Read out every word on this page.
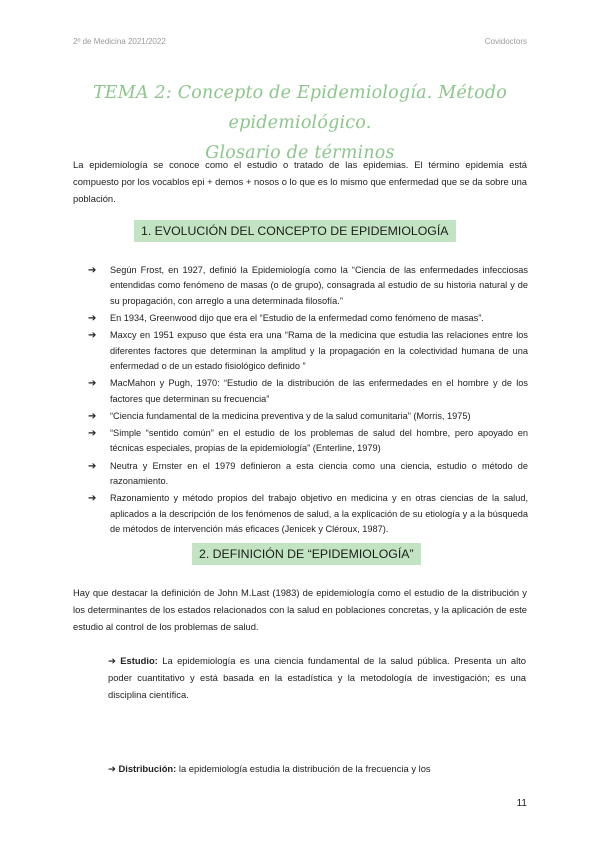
2º de Medicina 2021/2022	Covidoctors
TEMA 2: Concepto de Epidemiología. Método epidemiológico.
Glosario de términos
La epidemiología se conoce como el estudio o tratado de las epidemias. El término epidemia está compuesto por los vocablos epi + demos + nosos o lo que es lo mismo que enfermedad que se da sobre una población.
1. EVOLUCIÓN DEL CONCEPTO DE EPIDEMIOLOGÍA
➔ Según Frost, en 1927, definió la Epidemiología como la “Ciencia de las enfermedades infecciosas entendidas como fenómeno de masas (o de grupo), consagrada al estudio de su historia natural y de su propagación, con arreglo a una determinada filosofía.”
➔ En 1934, Greenwood dijo que era el “Estudio de la enfermedad como fenómeno de masas”.
➔ Maxcy en 1951 expuso que ésta era una “Rama de la medicina que estudia las relaciones entre los diferentes factores que determinan la amplitud y la propagación en la colectividad humana de una enfermedad o de un estado fisiológico definido ”
➔ MacMahon y Pugh, 1970: “Estudio de la distribución de las enfermedades en el hombre y de los factores que determinan su frecuencia”
➔ “Ciencia fundamental de la medicina preventiva y de la salud comunitaria” (Morris, 1975)
➔ “Simple “sentido común” en el estudio de los problemas de salud del hombre, pero apoyado en técnicas especiales, propias de la epidemiología” (Enterline, 1979)
➔ Neutra y Ernster en el 1979 definieron a esta ciencia como una ciencia, estudio o método de razonamiento.
➔ Razonamiento y método propios del trabajo objetivo en medicina y en otras ciencias de la salud, aplicados a la descripción de los fenómenos de salud, a la explicación de su etiología y a la búsqueda de métodos de intervención más eficaces (Jenicek y Cléroux, 1987).
2. DEFINICIÓN DE “EPIDEMIOLOGÍA”
Hay que destacar la definición de John M.Last (1983) de epidemiología como el estudio de la distribución y los determinantes de los estados relacionados con la salud en poblaciones concretas, y la aplicación de este estudio al control de los problemas de salud.
➔ Estudio: La epidemiología es una ciencia fundamental de la salud pública. Presenta un alto poder cuantitativo y está basada en la estadística y la metodología de investigación; es una disciplina científica.
➔ Distribución: la epidemiología estudia la distribución de la frecuencia y los
11
